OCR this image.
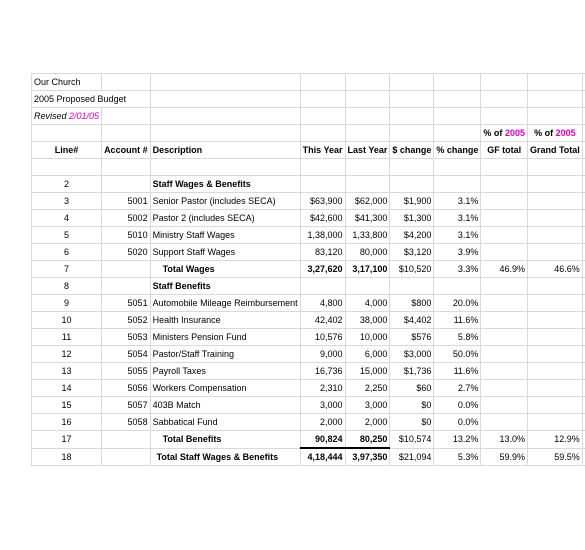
Our Church									
2005 Proposed Budget									
Revised 2/01/05									
							% of 2005	% of 2005	
Line#	Account #	Description	This Year	Last Year	$ change	% change	GF total	Grand Total	

2		Staff Wages & Benefits							
3	5001	Senior Pastor (includes SECA)	$63,900	$62,000	$1,900	3.1%			
4	5002	Pastor 2 (includes SECA)	$42,600	$41,300	$1,300	3.1%			
5	5010	Ministry Staff Wages	1,38,000	1,33,800	$4,200	3.1%			
6	5020	Support Staff Wages	83,120	80,000	$3,120	3.9%			
7		Total Wages	3,27,620	3,17,100	$10,520	3.3%	46.9%	46.6%	
8		Staff Benefits							
9	5051	Automobile Mileage Reimbursement	4,800	4,000	$800	20.0%			
10	5052	Health Insurance	42,402	38,000	$4,402	11.6%			
11	5053	Ministers Pension Fund	10,576	10,000	$576	5.8%			
12	5054	Pastor/Staff Training	9,000	6,000	$3,000	50.0%			
13	5055	Payroll Taxes	16,736	15,000	$1,736	11.6%			
14	5056	Workers Compensation	2,310	2,250	$60	2.7%			
15	5057	403B Match	3,000	3,000	$0	0.0%			
16	5058	Sabbatical Fund	2,000	2,000	$0	0.0%			
17		Total Benefits	90,824	80,250	$10,574	13.2%	13.0%	12.9%	
18		Total Staff Wages & Benefits	4,18,444	3,97,350	$21,094	5.3%	59.9%	59.5%	
